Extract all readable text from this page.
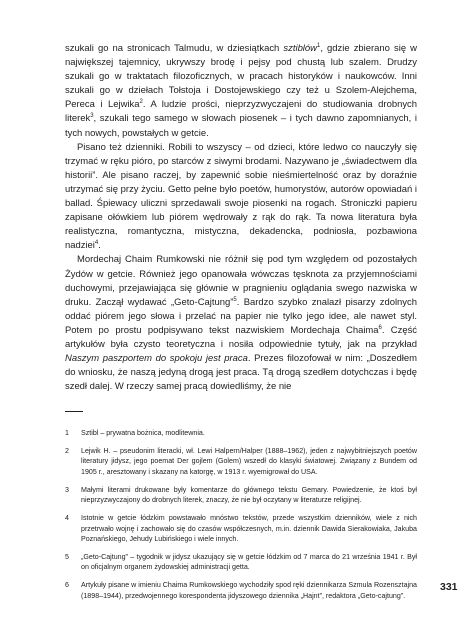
szukali go na stronicach Talmudu, w dziesiątkach sztiblów$^1$, gdzie zbierano się w największej tajemnicy, ukrywszy brodę i pejsy pod chustą lub szalem. Drudzy szukali go w traktatach filozoficznych, w pracach historyków i naukowców. Inni szukali go w dziełach Tołstoja i Dostojewskiego czy też u Szolem-Alejchema, Pereca i Lejwika$^2$. A ludzie prości, nieprzyzwyczajeni do studiowania drobnych literek$^3$, szukali tego samego w słowach piosenek – i tych dawno zapomnianych, i tych nowych, powstałych w getcie.

Pisano też dzienniki. Robili to wszyscy – od dzieci, które ledwo co nauczyły się trzymać w ręku pióro, po starców z siwymi brodami. Nazywano je „świadectwem dla historii”. Ale pisano raczej, by zapewnić sobie nieśmiertelność oraz by doraźnie utrzymać się przy życiu. Getto pełne było poetów, humorystów, autorów opowiadań i ballad. Śpiewacy uliczni sprzedawali swoje piosenki na rogach. Stroniczki papieru zapisane ołówkiem lub piórem wędrowały z rąk do rąk. Ta nowa literatura była realistyczna, romantyczna, mistyczna, dekadencka, podniosła, pozbawiona nadziei$^4$.

Mordechaj Chaim Rumkowski nie różnił się pod tym względem od pozostałych Żydów w getcie. Również jego opanowała wówczas tęsknota za przyjemnościami duchowymi, przejawiająca się głównie w pragnieniu oglądania swego nazwiska w druku. Zaczął wydawać „Geto-Cajtung”$^5$. Bardzo szybko znalazł pisarzy zdolnych oddać piórem jego słowa i przelać na papier nie tylko jego idee, ale nawet styl. Potem po prostu podpisywano tekst nazwiskiem Mordechaja Chaima$^6$. Część artykułów była czysto teoretyczna i nosiła odpowiednie tytuły, jak na przykład Naszym paszportem do spokoju jest praca. Prezes filozofował w nim: „Doszedłem do wniosku, że naszą jedyną drogą jest praca. Tą drogą szedłem dotychczas i będę szedł dalej. W rzeczy samej pracą dowiedliśmy, że nie

1	Sztibl – prywatna bożnica, modlitewnia.
2	Lejwik H. – pseudonim literacki, wł. Lewi Halpern/Halper (1888–1962), jeden z najwybitniejszych poetów literatury jidysz, jego poemat Der gojlem (Golem) wszedł do klasyki światowej. Związany z Bundem od 1905 r., aresztowany i skazany na katorgę, w 1913 r. wyemigrował do USA.
3	Małymi literami drukowane były komentarze do głównego tekstu Gemary. Powiedzenie, że ktoś był nieprzyzwyczajony do drobnych literek, znaczy, że nie był oczytany w literaturze religijnej.
4	Istotnie w getcie łódzkim powstawało mnóstwo tekstów, przede wszystkim dzienników, wiele z nich przetrwało wojnę i zachowało się do czasów współczesnych, m.in. dziennik Dawida Sierakowiaka, Jakuba Poznańskiego, Jehudy Lubińskiego i wiele innych.
5	„Geto-Cajtung” – tygodnik w jidysz ukazujący się w getcie łódzkim od 7 marca do 21 września 1941 r. Był on oficjalnym organem żydowskiej administracji getta.
6	Artykuły pisane w imieniu Chaima Rumkowskiego wychodziły spod ręki dziennikarza Szmula Rozensztajna (1898–1944), przedwojennego korespondenta jidyszowego dziennika „Hajnt”, redaktora „Geto-cajtung”.
331
